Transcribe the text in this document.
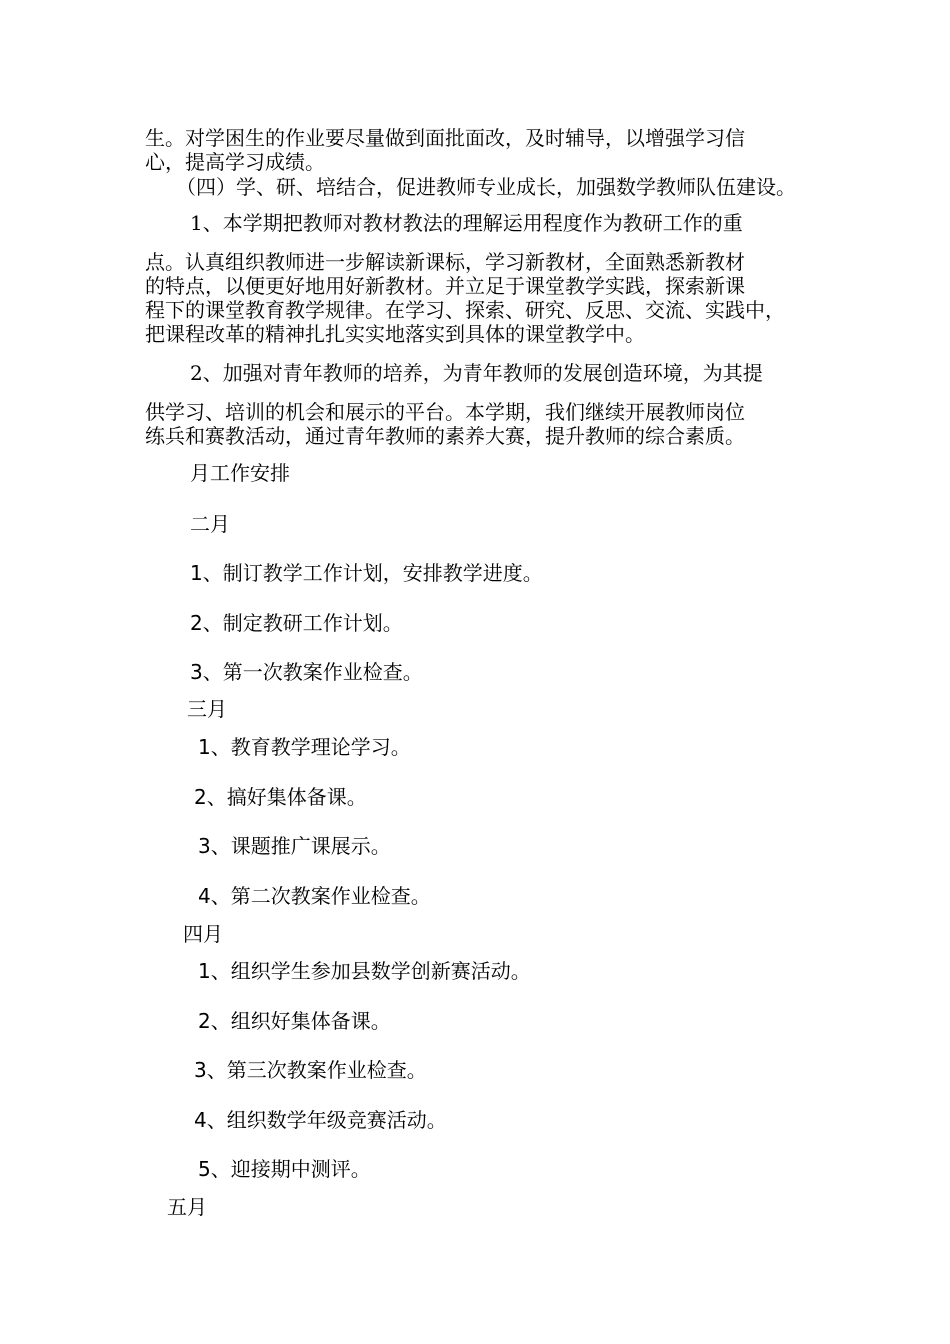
生。对学困生的作业要尽量做到面批面改，及时辅导，以增强学习信
心，提高学习成绩。
（四）学、研、培结合，促进教师专业成长，加强数学教师队伍建设。
1、本学期把教师对教材教法的理解运用程度作为教研工作的重
点。认真组织教师进一步解读新课标，学习新教材，全面熟悉新教材
的特点，以便更好地用好新教材。并立足于课堂教学实践，探索新课
程下的课堂教育教学规律。在学习、探索、研究、反思、交流、实践中，
把课程改革的精神扎扎实实地落实到具体的课堂教学中。
2、加强对青年教师的培养，为青年教师的发展创造环境，为其提
供学习、培训的机会和展示的平台。本学期，我们继续开展教师岗位
练兵和赛教活动，通过青年教师的素养大赛，提升教师的综合素质。
月工作安排
二月
1、制订教学工作计划，安排教学进度。
2、制定教研工作计划。
3、第一次教案作业检查。
三月
1、教育教学理论学习。
2、搞好集体备课。
3、课题推广课展示。
4、第二次教案作业检查。
四月
1、组织学生参加县数学创新赛活动。
2、组织好集体备课。
3、第三次教案作业检查。
4、组织数学年级竞赛活动。
5、迎接期中测评。
五月
